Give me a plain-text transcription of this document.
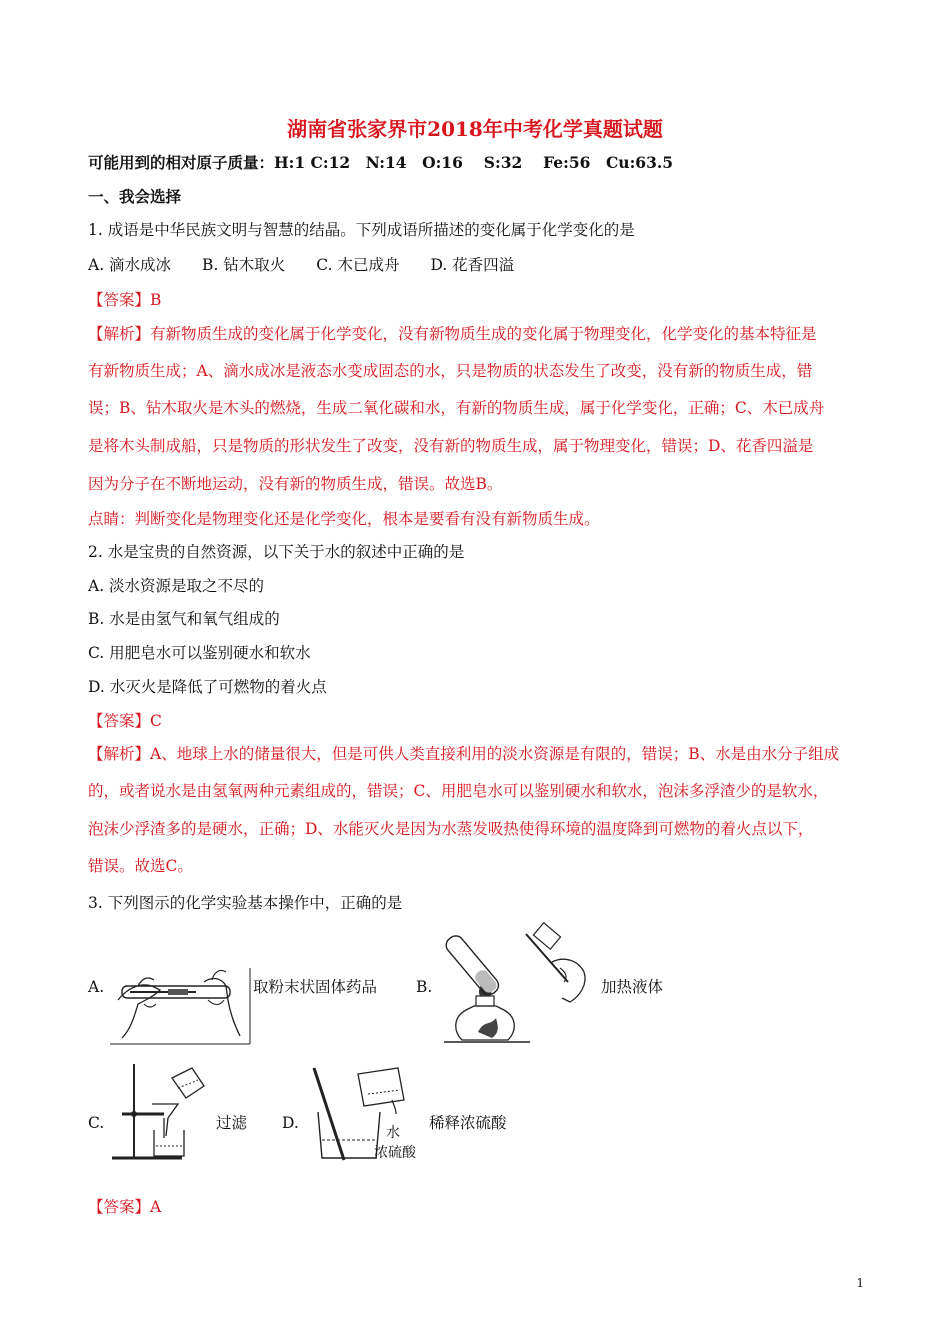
湖南省张家界市2018年中考化学真题试题
可能用到的相对原子质量：H:1 C:12　N:14　O:16　 S:32　 Fe:56　Cu:63.5
一、我会选择
1. 成语是中华民族文明与智慧的结晶。下列成语所描述的变化属于化学变化的是
A. 滴水成冰　　B. 钻木取火　　C. 木已成舟　　D. 花香四溢
【答案】B
【解析】有新物质生成的变化属于化学变化，没有新物质生成的变化属于物理变化，化学变化的基本特征是
有新物质生成；A、滴水成冰是液态水变成固态的水，只是物质的状态发生了改变，没有新的物质生成，错
误；B、钻木取火是木头的燃烧，生成二氧化碳和水，有新的物质生成，属于化学变化，正确；C、木已成舟
是将木头制成船，只是物质的形状发生了改变，没有新的物质生成，属于物理变化，错误；D、花香四溢是
因为分子在不断地运动，没有新的物质生成，错误。故选B。
点睛：判断变化是物理变化还是化学变化，根本是要看有没有新物质生成。
2. 水是宝贵的自然资源，以下关于水的叙述中正确的是
A. 淡水资源是取之不尽的
B. 水是由氢气和氧气组成的
C. 用肥皂水可以鉴别硬水和软水
D. 水灭火是降低了可燃物的着火点
【答案】C
【解析】A、地球上水的储量很大，但是可供人类直接利用的淡水资源是有限的，错误；B、水是由水分子组成
的，或者说水是由氢氧两种元素组成的，错误；C、用肥皂水可以鉴别硬水和软水，泡沫多浮渣少的是软水，
泡沫少浮渣多的是硬水，正确；D、水能灭火是因为水蒸发吸热使得环境的温度降到可燃物的着火点以下，
错误。故选C。
3. 下列图示的化学实验基本操作中，正确的是
A.	取粉末状固体药品	B.	加热液体
C.	过滤 D.
水
浓硫酸
稀释浓硫酸
【答案】A
1
